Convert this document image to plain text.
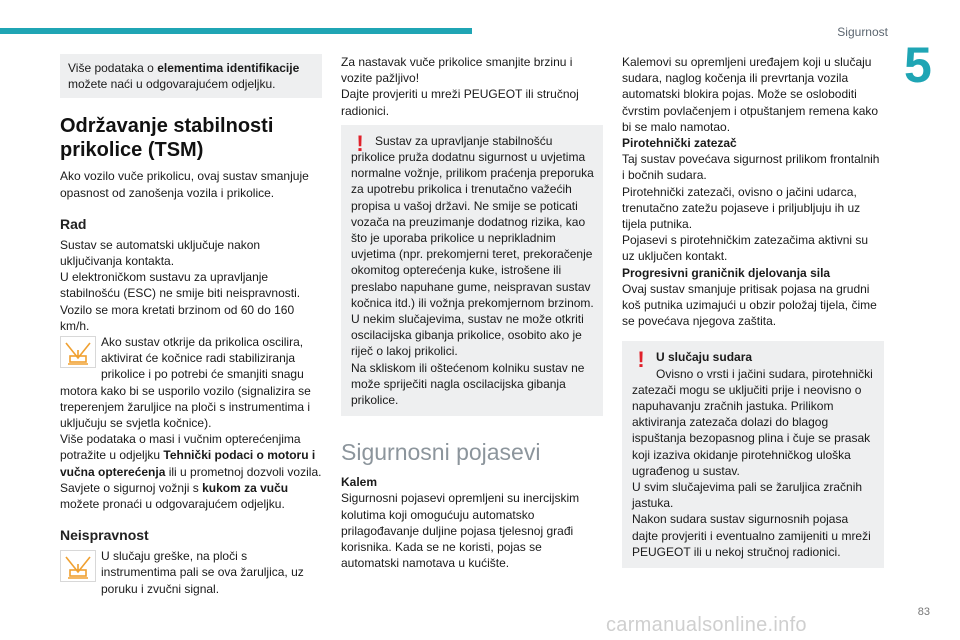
Sigurnost
5
83
carmanualsonline.info

Više podataka o elementima identifikacije možete naći u odgovarajućem odjeljku.

Održavanje stabilnosti prikolice (TSM)

Ako vozilo vuče prikolicu, ovaj sustav smanjuje opasnost od zanošenja vozila i prikolice.

Rad

Sustav se automatski uključuje nakon uključivanja kontakta.

U elektroničkom sustavu za upravljanje stabilnošću (ESC) ne smije biti neispravnosti.

Vozilo se mora kretati brzinom od 60 do 160 km/h.

Ako sustav otkrije da prikolica oscilira, aktivirat će kočnice radi stabiliziranja prikolice i po potrebi će smanjiti snagu motora kako bi se usporilo vozilo (signalizira se treperenjem žaruljice na ploči s instrumentima i uključuju se svjetla kočnice).

Više podataka o masi i vučnim opterećenjima potražite u odjeljku Tehnički podaci o motoru i vučna opterećenja ili u prometnoj dozvoli vozila.

Savjete o sigurnoj vožnji s kukom za vuču možete pronaći u odgovarajućem odjeljku.

Neispravnost

U slučaju greške, na ploči s instrumentima pali se ova žaruljica, uz poruku i zvučni signal.

Za nastavak vuče prikolice smanjite brzinu i vozite pažljivo!

Dajte provjeriti u mreži PEUGEOT ili stručnoj radionici.

! Sustav za upravljanje stabilnošću prikolice pruža dodatnu sigurnost u uvjetima normalne vožnje, prilikom praćenja preporuka za upotrebu prikolica i trenutačno važećih propisa u vašoj državi. Ne smije se poticati vozača na preuzimanje dodatnog rizika, kao što je uporaba prikolice u neprikladnim uvjetima (npr. prekomjerni teret, prekoračenje okomitog opterećenja kuke, istrošene ili preslabo napuhane gume, neispravan sustav kočnica itd.) ili vožnja prekomjernom brzinom.

U nekim slučajevima, sustav ne može otkriti oscilacijska gibanja prikolice, osobito ako je riječ o lakoj prikolici.

Na skliskom ili oštećenom kolniku sustav ne može spriječiti nagla oscilacijska gibanja prikolice.

Sigurnosni pojasevi

Kalem

Sigurnosni pojasevi opremljeni su inercijskim kolutima koji omogućuju automatsko prilagođavanje duljine pojasa tjelesnoj građi korisnika. Kada se ne koristi, pojas se automatski namotava u kućište.

Kalemovi su opremljeni uređajem koji u slučaju sudara, naglog kočenja ili prevrtanja vozila automatski blokira pojas. Može se osloboditi čvrstim povlačenjem i otpuštanjem remena kako bi se malo namotao.

Pirotehnički zatezač

Taj sustav povećava sigurnost prilikom frontalnih i bočnih sudara.

Pirotehnički zatezači, ovisno o jačini udarca, trenutačno zatežu pojaseve i priljubljuju ih uz tijela putnika.

Pojasevi s pirotehničkim zatezačima aktivni su uz uključen kontakt.

Progresivni graničnik djelovanja sila

Ovaj sustav smanjuje pritisak pojasa na grudni koš putnika uzimajući u obzir položaj tijela, čime se povećava njegova zaštita.

! U slučaju sudara

Ovisno o vrsti i jačini sudara, pirotehnički zatezači mogu se uključiti prije i neovisno o napuhavanju zračnih jastuka. Prilikom aktiviranja zatezača dolazi do blagog ispuštanja bezopasnog plina i čuje se prasak koji izaziva okidanje pirotehničkog uloška ugrađenog u sustav.

U svim slučajevima pali se žaruljica zračnih jastuka.

Nakon sudara sustav sigurnosnih pojasa dajte provjeriti i eventualno zamijeniti u mreži PEUGEOT ili u nekoj stručnoj radionici.
